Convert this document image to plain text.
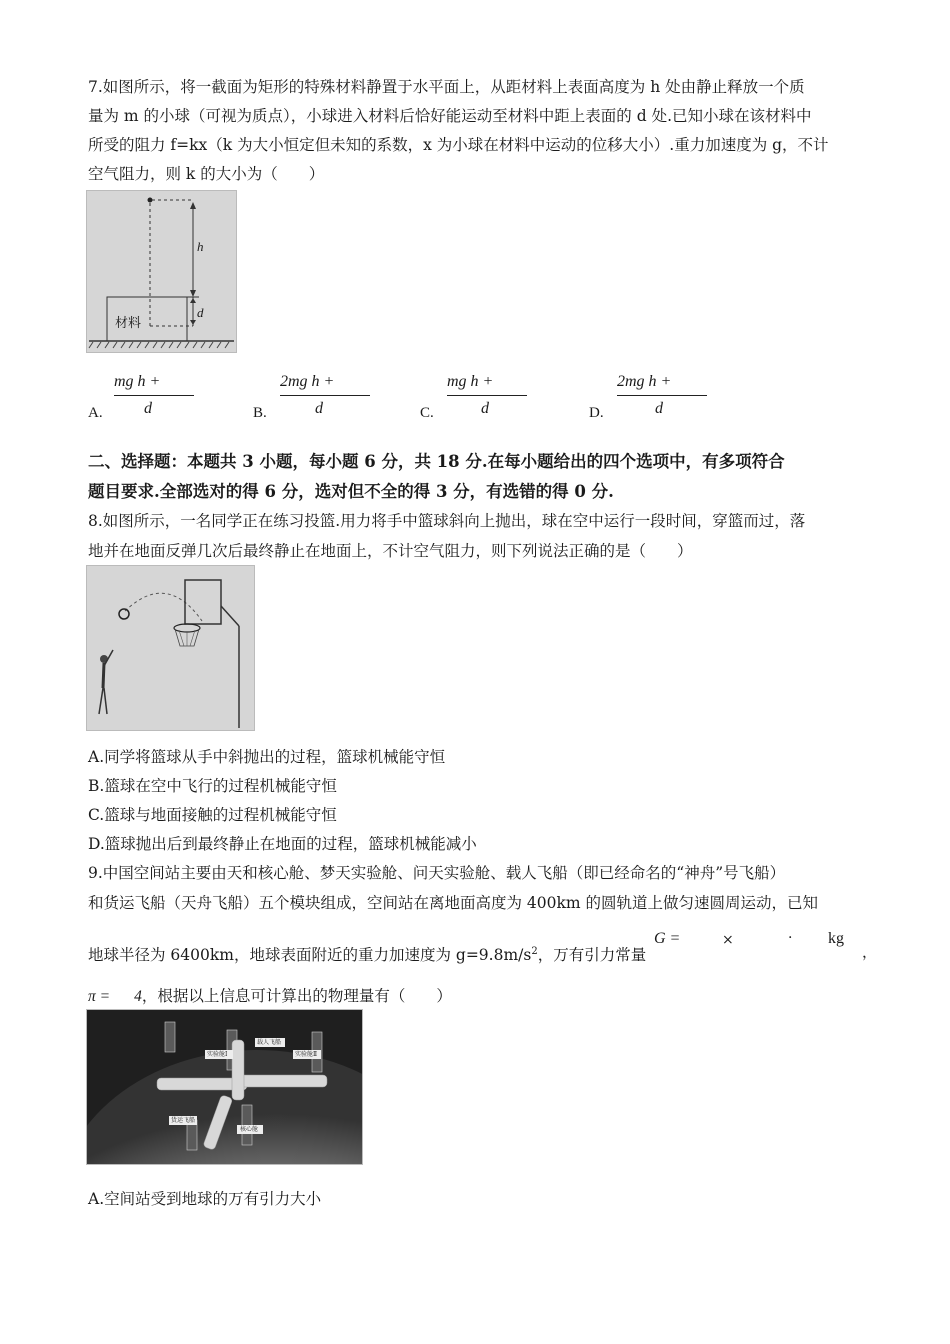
7.如图所示，将一截面为矩形的特殊材料静置于水平面上，从距材料上表面高度为 h 处由静止释放一个质
量为 m 的小球（可视为质点），小球进入材料后恰好能运动至材料中距上表面的 d 处.已知小球在该材料中
所受的阻力 f=kx（k 为大小恒定但未知的系数，x 为小球在材料中运动的位移大小）.重力加速度为 g，不计
空气阻力，则 k 的大小为（　　）
h
d
材料
A.
mg h +
d	B.
2mg h +
d	C.
mg h +
d	D.
2mg h +
d
二、选择题：本题共 3 小题，每小题 6 分，共 18 分.在每小题给出的四个选项中，有多项符合
题目要求.全部选对的得 6 分，选对但不全的得 3 分，有选错的得 0 分.
8.如图所示，一名同学正在练习投篮.用力将手中篮球斜向上抛出，球在空中运行一段时间，穿篮而过，落
地并在地面反弹几次后最终静止在地面上，不计空气阻力，则下列说法正确的是（　　）
A.同学将篮球从手中斜抛出的过程，篮球机械能守恒
B.篮球在空中飞行的过程机械能守恒
C.篮球与地面接触的过程机械能守恒
D.篮球抛出后到最终静止在地面的过程，篮球机械能减小
9.中国空间站主要由天和核心舱、梦天实验舱、问天实验舱、载人飞船（即已经命名的“神舟”号飞船）
和货运飞船（天舟飞船）五个模块组成，空间站在离地面高度为 400km 的圆轨道上做匀速圆周运动，已知
地球半径为 6400km，地球表面附近的重力加速度为 $g=9.8m/s^2$，万有引力常量
G =	×	· kg
，
π = 4，根据以上信息可计算出的物理量有（　　）
载人飞船
实验舱Ⅰ	实验舱Ⅱ
核心舱
货运飞船
A.空间站受到地球的万有引力大小
